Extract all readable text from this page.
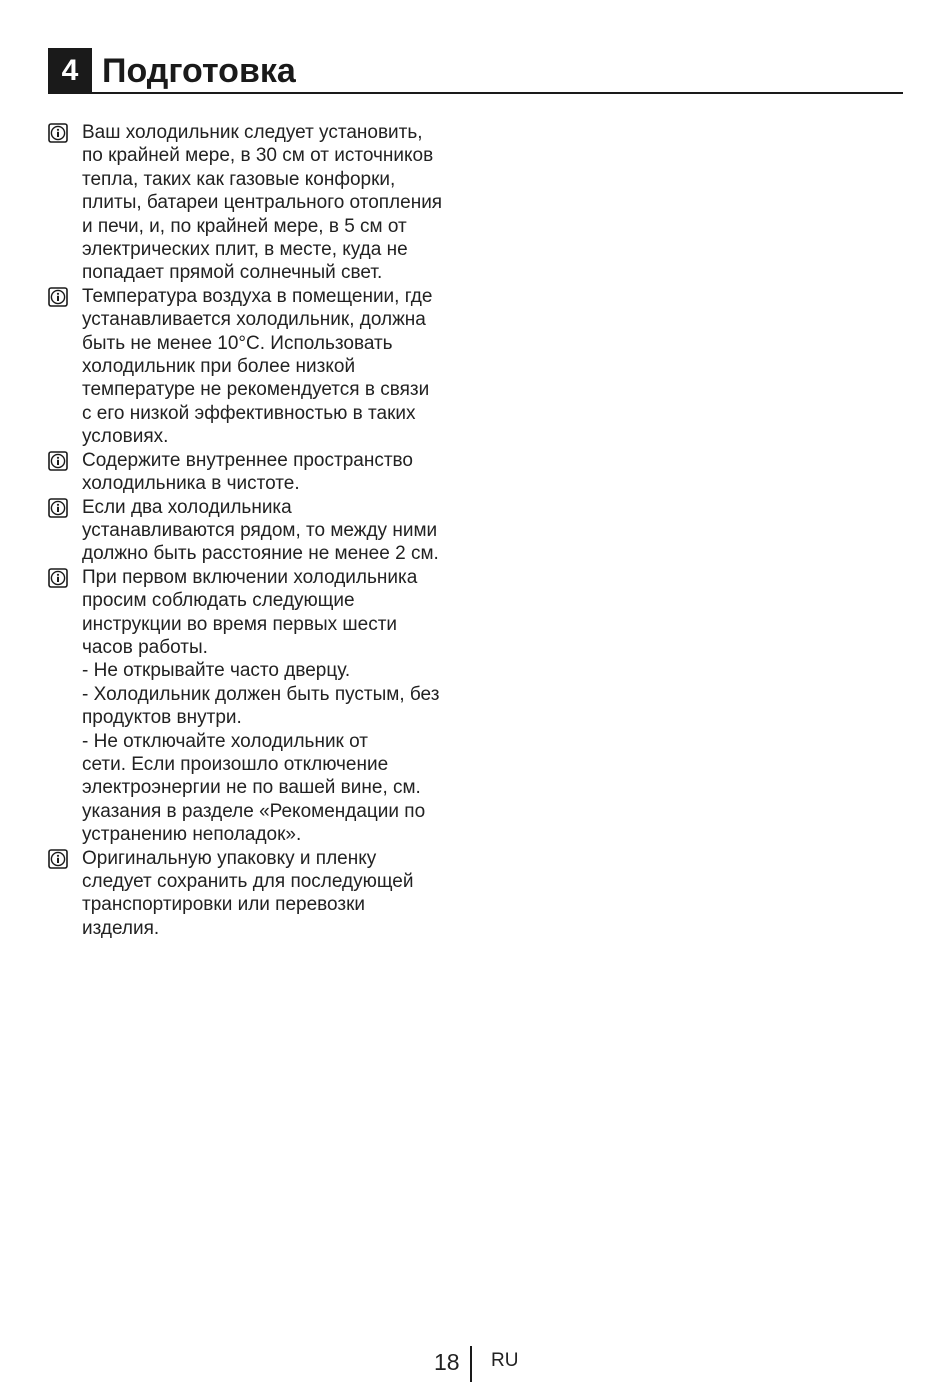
4 Подготовка
Ваш холодильник следует установить,
по крайней мере, в 30 см от источников
тепла, таких как газовые конфорки,
плиты, батареи центрального отопления
и печи, и, по крайней мере, в 5 см от
электрических плит, в месте, куда не
попадает прямой солнечный свет.
Температура воздуха в помещении, где
устанавливается холодильник, должна
быть не менее 10°С. Использовать
холодильник при более низкой
температуре не рекомендуется в связи
с его низкой эффективностью в таких
условиях.
Содержите внутреннее пространство
холодильника в чистоте.
Если два холодильника
устанавливаются рядом, то между ними
должно быть расстояние не менее 2 см.
При первом включении холодильника
просим соблюдать следующие
инструкции во время первых шести
часов работы.
- Не открывайте часто дверцу.
- Холодильник должен быть пустым, без
продуктов внутри.
- Не отключайте холодильник от
сети. Если произошло отключение
электроэнергии не по вашей вине, см.
указания в разделе «Рекомендации по
устранению неполадок».
Оригинальную упаковку и пленку
следует сохранить для последующей
транспортировки или перевозки
изделия.
18 RU
